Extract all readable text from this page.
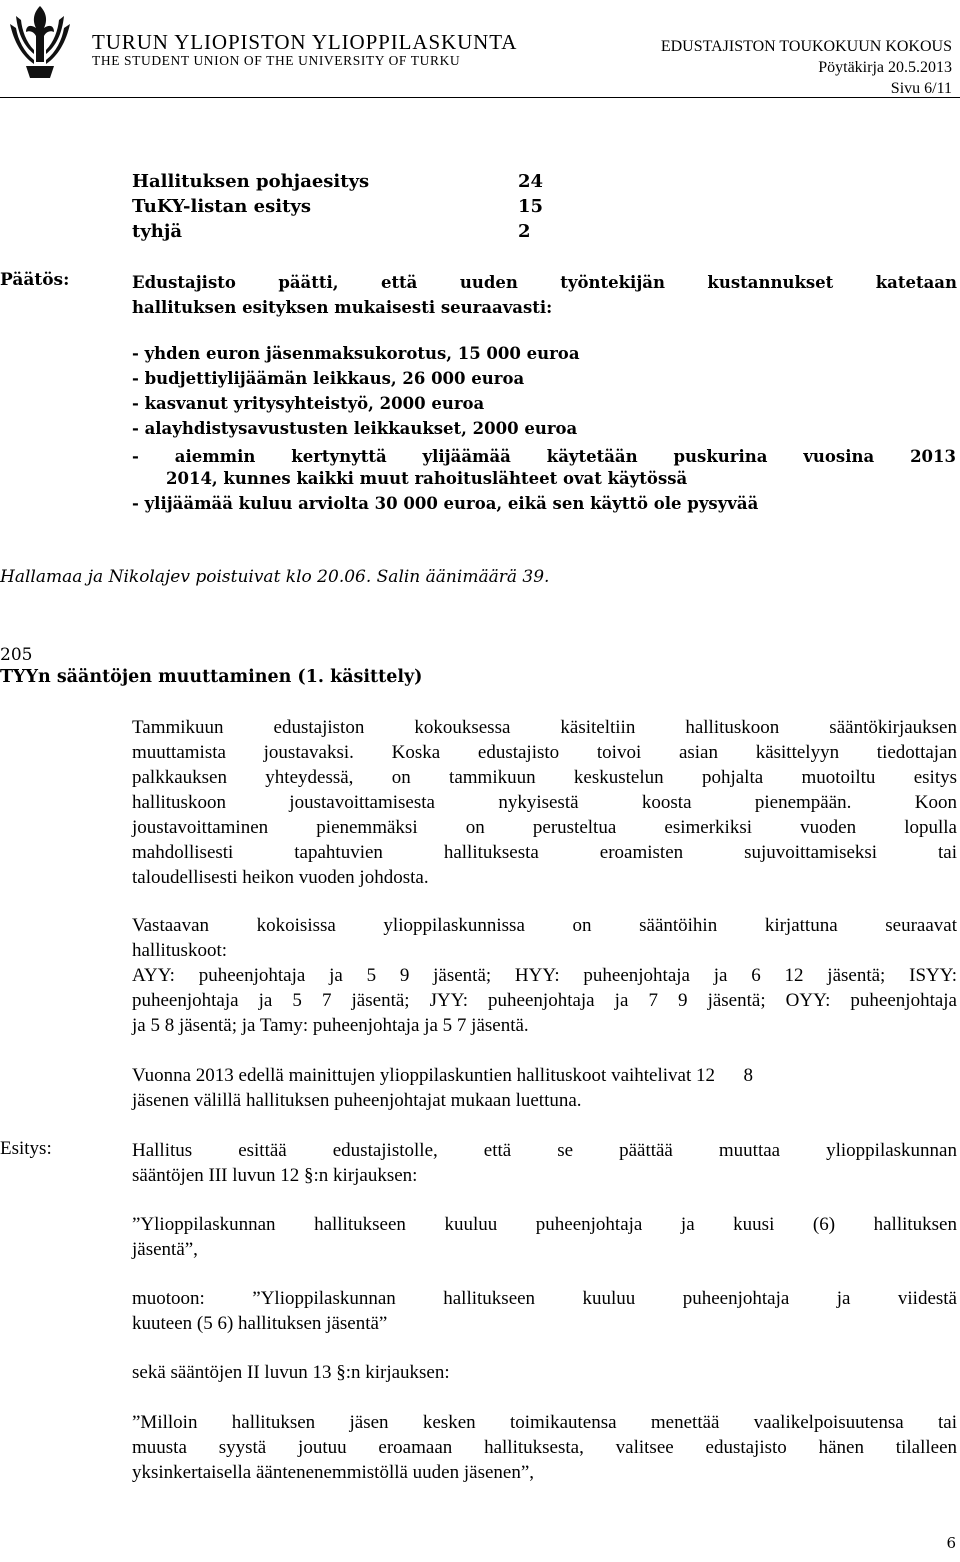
TURUN YLIOPISTON YLIOPPILASKUNTA
THE STUDENT UNION OF THE UNIVERSITY OF TURKU
EDUSTAJISTON TOUKOKUUN KOKOUS
Pöytäkirja 20.5.2013
Sivu 6/11
Hallituksen pohjaesitys	24
TuKY-listan esitys	15
tyhjä	2
Päätös:	Edustajisto päätti, että uuden työntekijän kustannukset katetaan
hallituksen esityksen mukaisesti seuraavasti:
- yhden euron jäsenmaksukorotus, 15 000 euroa
- budjettiylijäämän leikkaus, 26 000 euroa
- kasvanut yritysyhteistyö, 2000 euroa
- alayhdistysavustusten leikkaukset, 2000 euroa
- aiemmin kertynyttä ylijäämää käytetään puskurina vuosina 2013
2014, kunnes kaikki muut rahoituslähteet ovat käytössä
- ylijäämää kuluu arviolta 30 000 euroa, eikä sen käyttö ole pysyvää
Hallamaa ja Nikolajev poistuivat klo 20.06. Salin äänimäärä 39.
205
TYYn sääntöjen muuttaminen (1. käsittely)
Tammikuun edustajiston kokouksessa käsiteltiin hallituskoon sääntökirjauksen
muuttamista joustavaksi. Koska edustajisto toivoi asian käsittelyyn tiedottajan
palkkauksen yhteydessä, on tammikuun keskustelun pohjalta muotoiltu esitys
hallituskoon joustavoittamisesta nykyisestä koosta pienempään. Koon
joustavoittaminen pienemmäksi on perusteltua esimerkiksi vuoden lopulla
mahdollisesti tapahtuvien hallituksesta eroamisten sujuvoittamiseksi tai
taloudellisesti heikon vuoden johdosta.
Vastaavan kokoisissa ylioppilaskunnissa on sääntöihin kirjattuna seuraavat
hallituskoot:
AYY: puheenjohtaja ja 5 9 jäsentä; HYY: puheenjohtaja ja 6 12 jäsentä; ISYY:
puheenjohtaja ja 5 7 jäsentä; JYY: puheenjohtaja ja 7 9 jäsentä; OYY: puheenjohtaja
ja 5 8 jäsentä; ja Tamy: puheenjohtaja ja 5 7 jäsentä.
Vuonna 2013 edellä mainittujen ylioppilaskuntien hallituskoot vaihtelivat 12      8
jäsenen välillä hallituksen puheenjohtajat mukaan luettuna.
Esitys:	Hallitus esittää edustajistolle, että se päättää muuttaa ylioppilaskunnan
sääntöjen III luvun 12 §:n kirjauksen:
”Ylioppilaskunnan hallitukseen kuuluu puheenjohtaja ja kuusi (6) hallituksen
jäsentä”,
muotoon: ”Ylioppilaskunnan hallitukseen kuuluu puheenjohtaja ja viidestä
kuuteen (5 6) hallituksen jäsentä”
sekä sääntöjen II luvun 13 §:n kirjauksen:
”Milloin hallituksen jäsen kesken toimikautensa menettää vaalikelpoisuutensa tai
muusta syystä joutuu eroamaan hallituksesta, valitsee edustajisto hänen tilalleen
yksinkertaisella ääntenenemmistöllä uuden jäsenen”,
6
